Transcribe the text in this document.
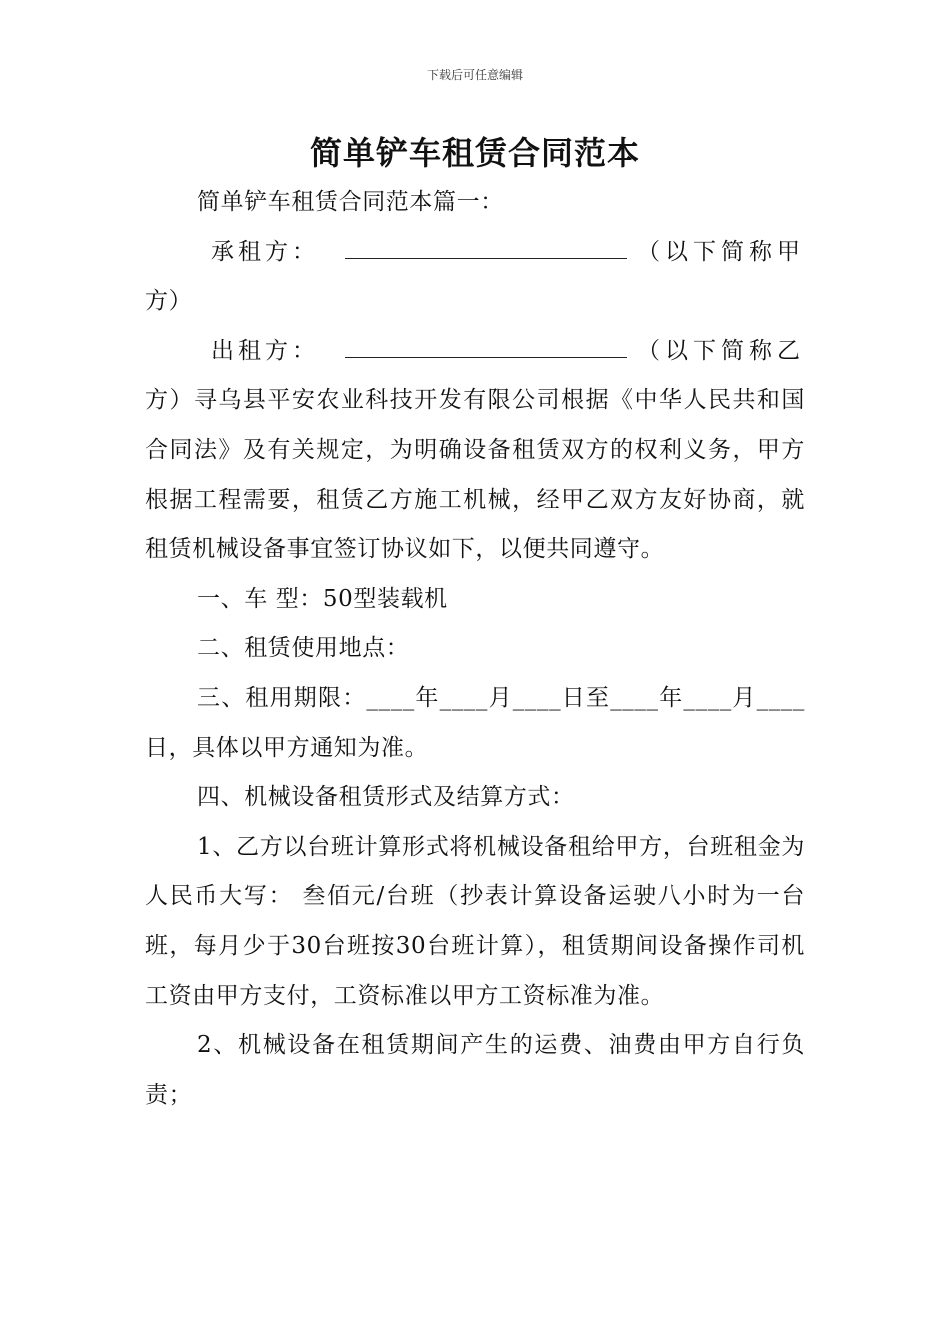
下载后可任意编辑
简单铲车租赁合同范本

简单铲车租赁合同范本篇一：

承租方：	（以下简称甲

方）

出租方：	（以下简称乙

方）寻乌县平安农业科技开发有限公司根据《中华人民共和国合同法》及有关规定，为明确设备租赁双方的权利义务，甲方根据工程需要，租赁乙方施工机械，经甲乙双方友好协商，就租赁机械设备事宜签订协议如下，以便共同遵守。

一、车 型：50型装载机

二、租赁使用地点：

三、租用期限：____年____月____日至____年____月____日，具体以甲方通知为准。

四、机械设备租赁形式及结算方式：

1、乙方以台班计算形式将机械设备租给甲方，台班租金为人民币大写： 叁佰元/台班（抄表计算设备运驶八小时为一台班，每月少于30台班按30台班计算），租赁期间设备操作司机工资由甲方支付，工资标准以甲方工资标准为准。

2、机械设备在租赁期间产生的运费、油费由甲方自行负责；
